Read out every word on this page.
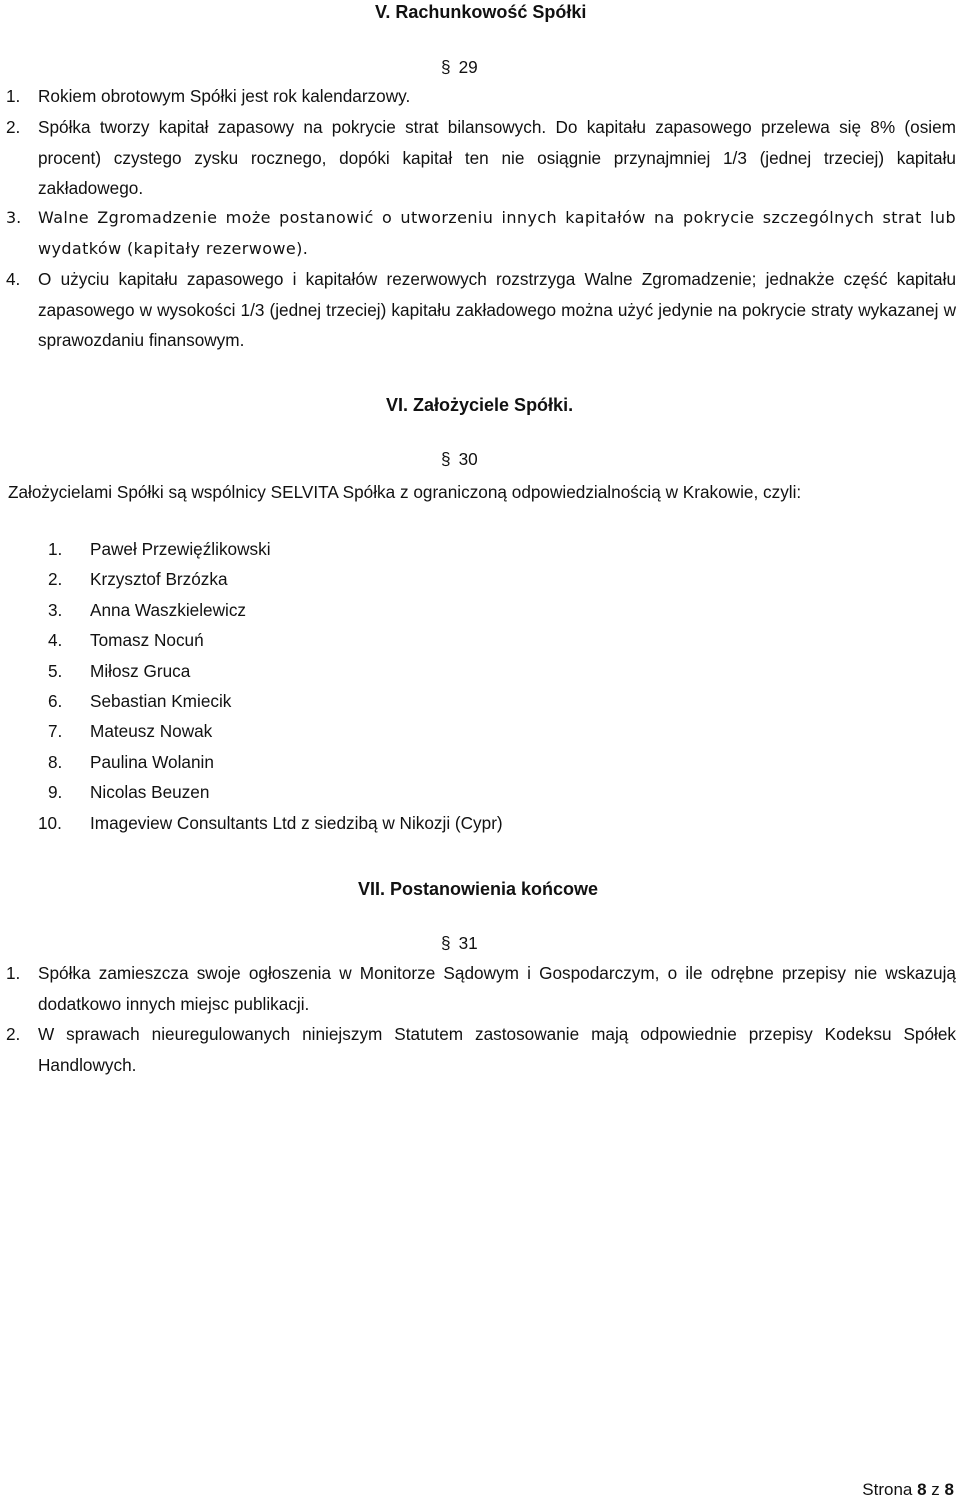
V. Rachunkowość Spółki
§ 29
1. Rokiem obrotowym Spółki jest rok kalendarzowy.
2. Spółka tworzy kapitał zapasowy na pokrycie strat bilansowych. Do kapitału zapasowego przelewa się 8% (osiem procent) czystego zysku rocznego, dopóki kapitał ten nie osiągnie przynajmniej 1/3 (jednej trzeciej) kapitału zakładowego.
3. Walne Zgromadzenie może postanowić o utworzeniu innych kapitałów na pokrycie szczególnych strat lub wydatków (kapitały rezerwowe).
4. O użyciu kapitału zapasowego i kapitałów rezerwowych rozstrzyga Walne Zgromadzenie; jednakże część kapitału zapasowego w wysokości 1/3 (jednej trzeciej) kapitału zakładowego można użyć jedynie na pokrycie straty wykazanej w sprawozdaniu finansowym.
VI. Założyciele Spółki.
§ 30
Założycielami Spółki są wspólnicy SELVITA Spółka z ograniczoną odpowiedzialnością w Krakowie, czyli:
1. Paweł Przewięźlikowski
2. Krzysztof Brzózka
3. Anna Waszkielewicz
4. Tomasz Nocuń
5. Miłosz Gruca
6. Sebastian Kmiecik
7. Mateusz Nowak
8. Paulina Wolanin
9. Nicolas Beuzen
10. Imageview Consultants Ltd z siedzibą w Nikozji (Cypr)
VII. Postanowienia końcowe
§ 31
1. Spółka zamieszcza swoje ogłoszenia w Monitorze Sądowym i Gospodarczym, o ile odrębne przepisy nie wskazują dodatkowo innych miejsc publikacji.
2. W sprawach nieuregulowanych niniejszym Statutem zastosowanie mają odpowiednie przepisy Kodeksu Spółek Handlowych.
Strona 8 z 8
